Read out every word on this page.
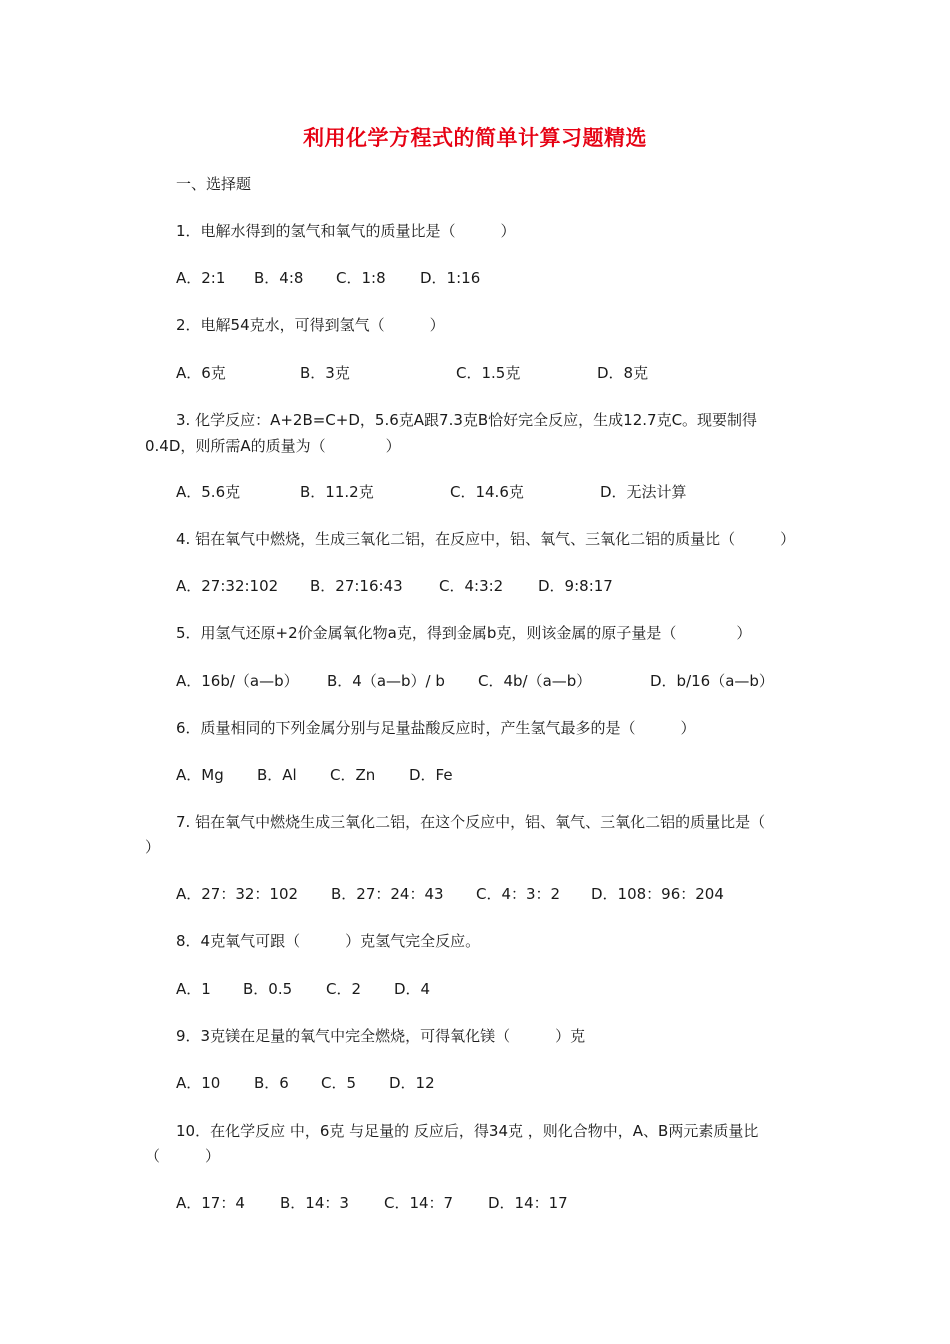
利用化学方程式的简单计算习题精选
一、选择题
1．电解水得到的氢气和氧气的质量比是（　　　）
A．2:1 B．4:8 C．1:8 D．1:16
2．电解54克水，可得到氢气（　　　）
A．6克	B．3克	C．1.5克	D．8克
3. 化学反应：A+2B=C+D，5.6克A跟7.3克B恰好完全反应，生成12.7克C。现要制得
0.4D，则所需A的质量为（　　　　）
A．5.6克	B．11.2克	C．14.6克	D．无法计算
4. 铝在氧气中燃烧，生成三氧化二铝，在反应中，铝、氧气、三氧化二铝的质量比（　　　）
A．27:32:102 B．27:16:43 C．4:3:2 D．9:8:17
5．用氢气还原+2价金属氧化物a克，得到金属b克，则该金属的原子量是（　　　　）
A．16b/（a—b） B．4（a—b）/ b C．4b/（a—b）	D．b/16（a—b）
6．质量相同的下列金属分别与足量盐酸反应时，产生氢气最多的是（　　　）
A．Mg B．Al C．Zn D．Fe
7. 铝在氧气中燃烧生成三氧化二铝，在这个反应中，铝、氧气、三氧化二铝的质量比是（
）
A．27：32：102 B．27：24：43 C．4：3：2 D．108：96：204
8．4克氧气可跟（　　　）克氢气完全反应。
A．1 B．0.5 C．2 D．4
9．3克镁在足量的氧气中完全燃烧，可得氧化镁（　　　）克
A．10 B．6 C．5 D．12
10．在化学反应 中，6克 与足量的 反应后，得34克 ，则化合物中，A、B两元素质量比
（　　　）
A．17：4 B．14：3 C．14：7 D．14：17
